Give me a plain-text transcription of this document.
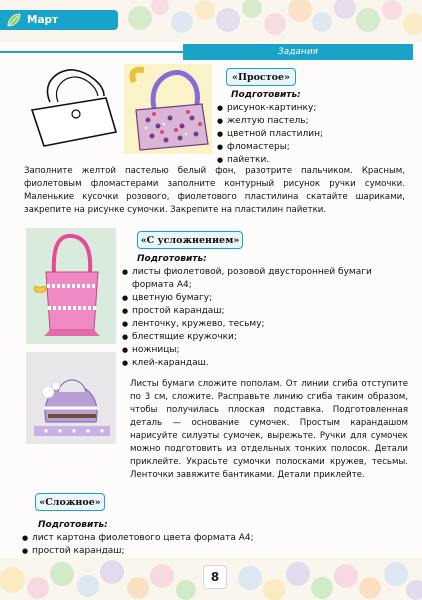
Март
Задания
«Простое»
Подготовить:
● рисунок-картинку;
● желтую пастель;
● цветной пластилин;
● фломастеры;
● пайетки.

Заполните желтой пастелью белый фон, разотрите пальчиком. Красным, фиолетовым фломастерами заполните контурный рисунок ручки сумочки. Маленькие кусочки розового, фиолетового пластилина скатайте шариками, закрепите на рисунке сумочки. Закрепите на пластилин пайетки.

«С усложнением»
Подготовить:
● листы фиолетовой, розовой двусторонней бумаги формата А4;
● цветную бумагу;
● простой карандаш;
● ленточку, кружево, тесьму;
● блестящие кружочки;
● ножницы;
● клей-карандаш.

Листы бумаги сложите пополам. От линии сгиба отступите по 3 см, сложите. Расправьте линию сгиба таким образом, чтобы получилась плоская подставка. Подготовленная деталь — основание сумочек. Простым карандашом нарисуйте силуэты сумочек, вырежьте. Ручки для сумочек можно подготовить из отдельных тонких полосок. Детали приклейте. Украсьте сумочки полосками кружев, тесьмы. Ленточки завяжите бантиками. Детали приклейте.

«Сложное»
Подготовить:
● лист картона фиолетового цвета формата А4;
● простой карандаш;
8
